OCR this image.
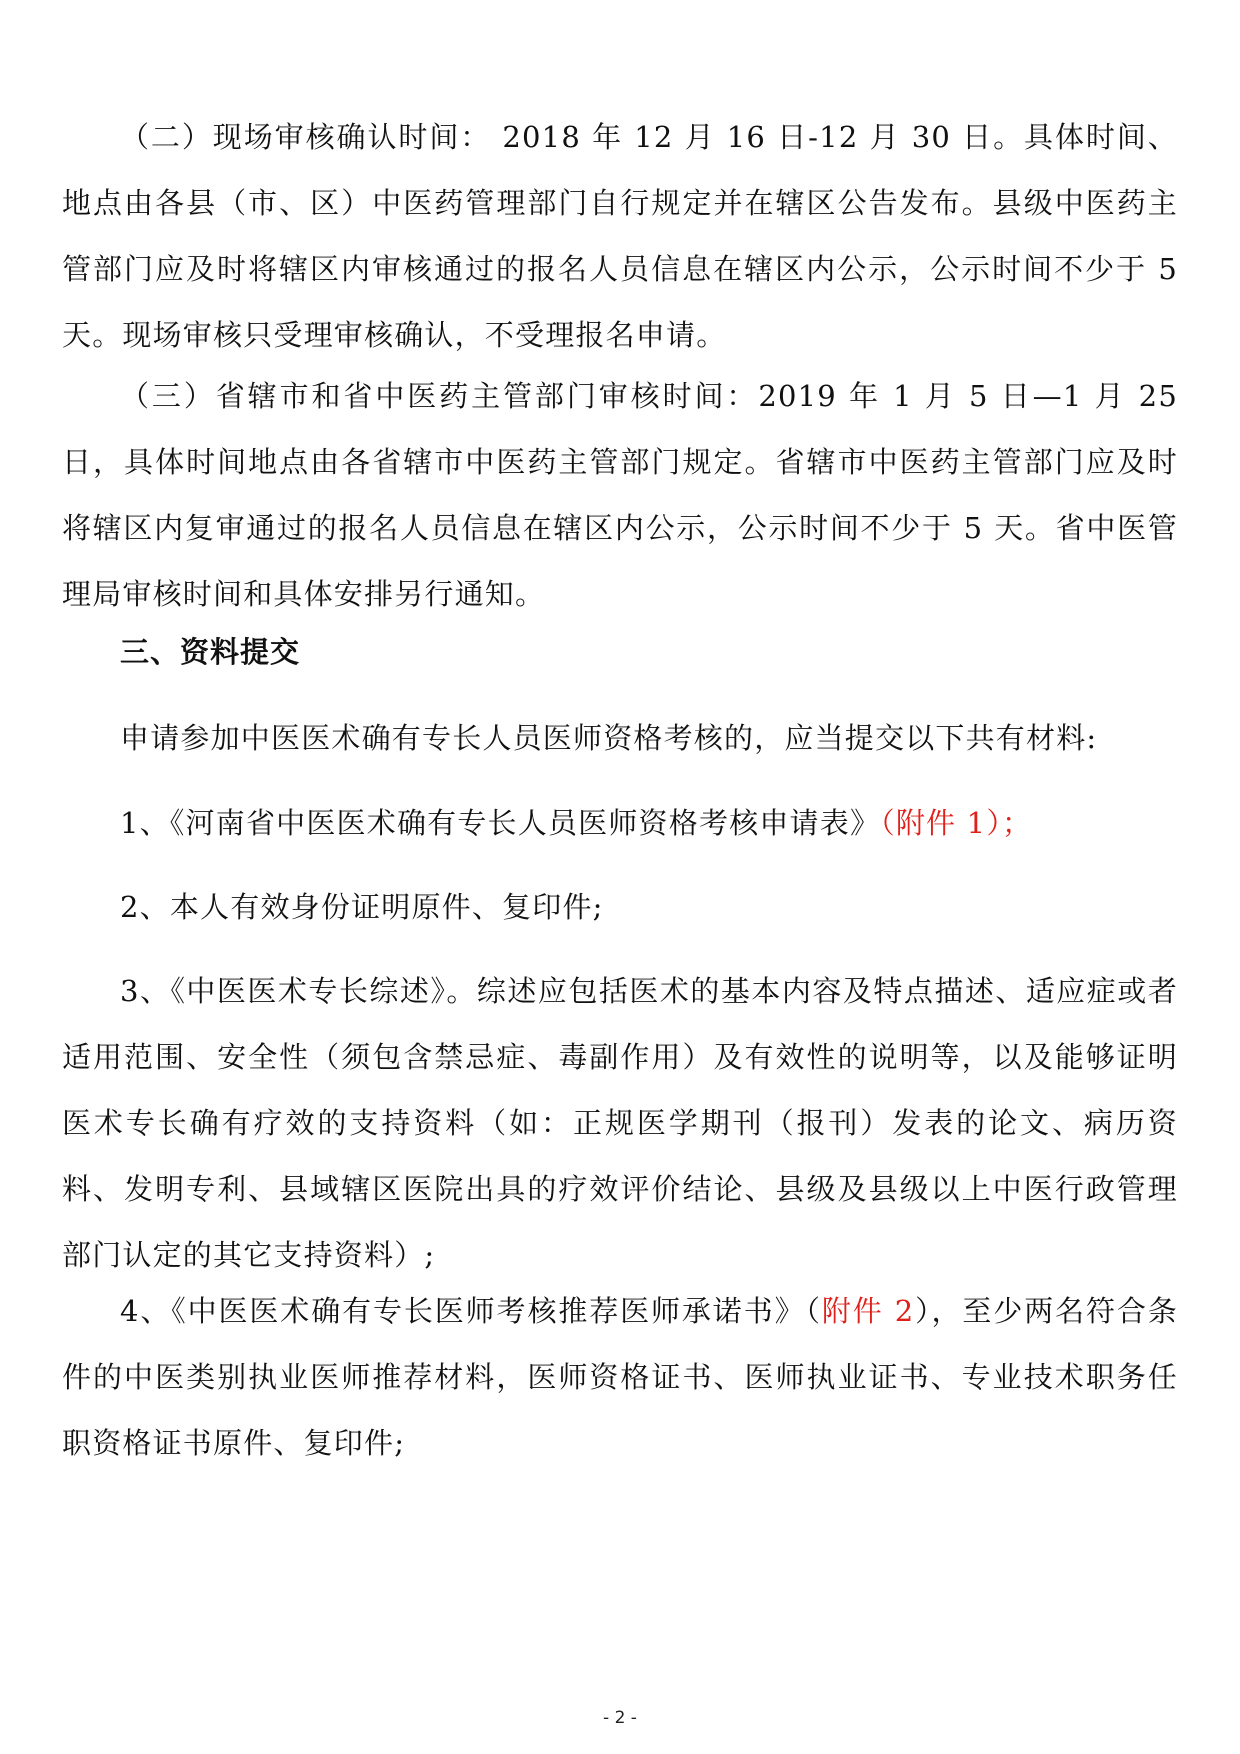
（二）现场审核确认时间： 2018 年 12 月 16 日-12 月 30 日。具体时间、地点由各县（市、区）中医药管理部门自行规定并在辖区公告发布。县级中医药主管部门应及时将辖区内审核通过的报名人员信息在辖区内公示，公示时间不少于 5 天。现场审核只受理审核确认，不受理报名申请。

（三）省辖市和省中医药主管部门审核时间：2019 年 1 月 5 日—1 月 25 日，具体时间地点由各省辖市中医药主管部门规定。省辖市中医药主管部门应及时将辖区内复审通过的报名人员信息在辖区内公示，公示时间不少于 5 天。省中医管理局审核时间和具体安排另行通知。

三、资料提交

申请参加中医医术确有专长人员医师资格考核的，应当提交以下共有材料:

1、《河南省中医医术确有专长人员医师资格考核申请表》（附件 1）；

2、本人有效身份证明原件、复印件;

3、《中医医术专长综述》。综述应包括医术的基本内容及特点描述、适应症或者适用范围、安全性（须包含禁忌症、毒副作用）及有效性的说明等，以及能够证明医术专长确有疗效的支持资料（如：正规医学期刊（报刊）发表的论文、病历资料、发明专利、县域辖区医院出具的疗效评价结论、县级及县级以上中医行政管理部门认定的其它支持资料）;

4、《中医医术确有专长医师考核推荐医师承诺书》（附件 2），至少两名符合条件的中医类别执业医师推荐材料，医师资格证书、医师执业证书、专业技术职务任职资格证书原件、复印件;

- 2 -
